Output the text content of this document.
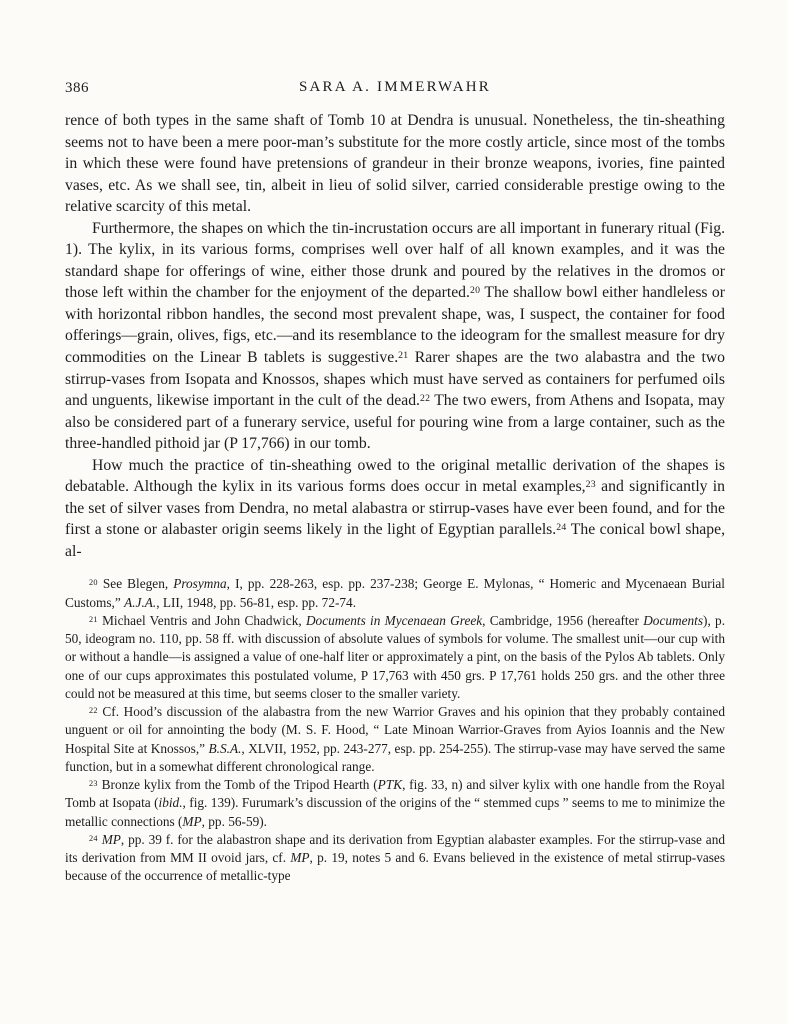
386	SARA A. IMMERWAHR

rence of both types in the same shaft of Tomb 10 at Dendra is unusual. Nonetheless, the tin-sheathing seems not to have been a mere poor-man’s substitute for the more costly article, since most of the tombs in which these were found have pretensions of grandeur in their bronze weapons, ivories, fine painted vases, etc. As we shall see, tin, albeit in lieu of solid silver, carried considerable prestige owing to the relative scarcity of this metal.

Furthermore, the shapes on which the tin-incrustation occurs are all important in funerary ritual (Fig. 1). The kylix, in its various forms, comprises well over half of all known examples, and it was the standard shape for offerings of wine, either those drunk and poured by the relatives in the dromos or those left within the chamber for the enjoyment of the departed.$^{20}$ The shallow bowl either handleless or with horizontal ribbon handles, the second most prevalent shape, was, I suspect, the container for food offerings—grain, olives, figs, etc.—and its resemblance to the ideogram for the smallest measure for dry commodities on the Linear B tablets is suggestive.$^{21}$ Rarer shapes are the two alabastra and the two stirrup-vases from Isopata and Knossos, shapes which must have served as containers for perfumed oils and unguents, likewise important in the cult of the dead.$^{22}$ The two ewers, from Athens and Isopata, may also be considered part of a funerary service, useful for pouring wine from a large container, such as the three-handled pithoid jar (P 17,766) in our tomb.

How much the practice of tin-sheathing owed to the original metallic derivation of the shapes is debatable. Although the kylix in its various forms does occur in metal examples,$^{23}$ and significantly in the set of silver vases from Dendra, no metal alabastra or stirrup-vases have ever been found, and for the first a stone or alabaster origin seems likely in the light of Egyptian parallels.$^{24}$ The conical bowl shape, al-

$^{20}$ See Blegen, Prosymna, I, pp. 228-263, esp. pp. 237-238; George E. Mylonas, “ Homeric and Mycenaean Burial Customs,” A.J.A., LII, 1948, pp. 56-81, esp. pp. 72-74.

$^{21}$ Michael Ventris and John Chadwick, Documents in Mycenaean Greek, Cambridge, 1956 (hereafter Documents), p. 50, ideogram no. 110, pp. 58 ff. with discussion of absolute values of symbols for volume. The smallest unit—our cup with or without a handle—is assigned a value of one-half liter or approximately a pint, on the basis of the Pylos Ab tablets. Only one of our cups approximates this postulated volume, P 17,763 with 450 grs. P 17,761 holds 250 grs. and the other three could not be measured at this time, but seems closer to the smaller variety.

$^{22}$ Cf. Hood’s discussion of the alabastra from the new Warrior Graves and his opinion that they probably contained unguent or oil for annointing the body (M. S. F. Hood, “ Late Minoan Warrior-Graves from Ayios Ioannis and the New Hospital Site at Knossos,” B.S.A., XLVII, 1952, pp. 243-277, esp. pp. 254-255). The stirrup-vase may have served the same function, but in a somewhat different chronological range.

$^{23}$ Bronze kylix from the Tomb of the Tripod Hearth (PTK, fig. 33, n) and silver kylix with one handle from the Royal Tomb at Isopata (ibid., fig. 139). Furumark’s discussion of the origins of the “ stemmed cups ” seems to me to minimize the metallic connections (MP, pp. 56-59).

$^{24}$ MP, pp. 39 f. for the alabastron shape and its derivation from Egyptian alabaster examples. For the stirrup-vase and its derivation from MM II ovoid jars, cf. MP, p. 19, notes 5 and 6. Evans believed in the existence of metal stirrup-vases because of the occurrence of metallic-type
